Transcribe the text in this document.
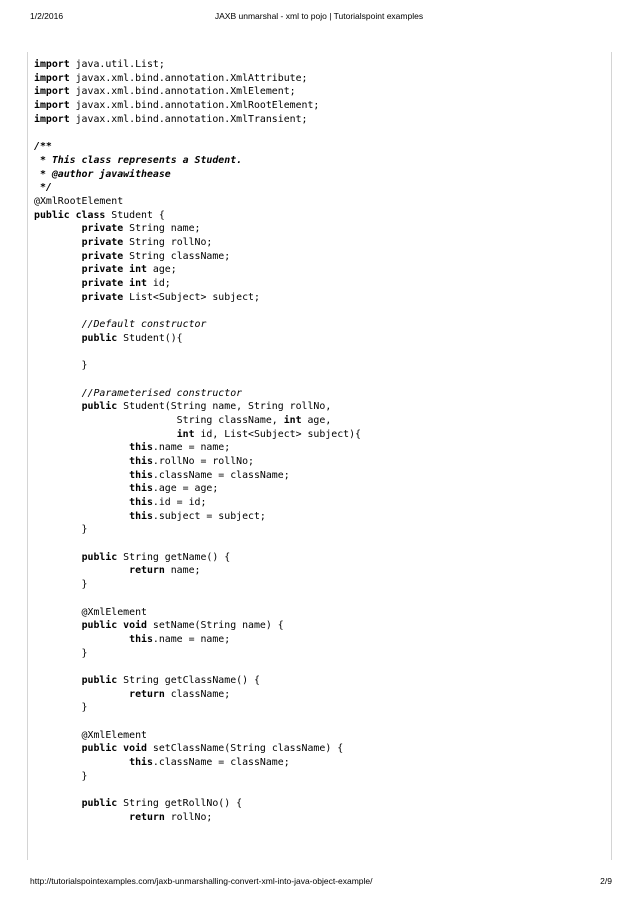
1/2/2016	JAXB unmarshal - xml to pojo | Tutorialspoint examples
import java.util.List;
import javax.xml.bind.annotation.XmlAttribute;
import javax.xml.bind.annotation.XmlElement;
import javax.xml.bind.annotation.XmlRootElement;
import javax.xml.bind.annotation.XmlTransient;
/**
* This class represents a Student.
* @author javawithease
*/
@XmlRootElement
public class Student {
private String name;
private String rollNo;
private String className;
private int age;
private int id;
private List<Subject> subject;
//Default constructor
public Student(){
}
//Parameterised constructor
public Student(String name, String rollNo,
String className, int age,
int id, List<Subject> subject){
this.name = name;
this.rollNo = rollNo;
this.className = className;
this.age = age;
this.id = id;
this.subject = subject;
}
public String getName() {
return name;
}
@XmlElement
public void setName(String name) {
this.name = name;
}
public String getClassName() {
return className;
}
@XmlElement
public void setClassName(String className) {
this.className = className;
}
public String getRollNo() {
return rollNo;
http://tutorialspointexamples.com/jaxb-unmarshalling-convert-xml-into-java-object-example/	2/9
